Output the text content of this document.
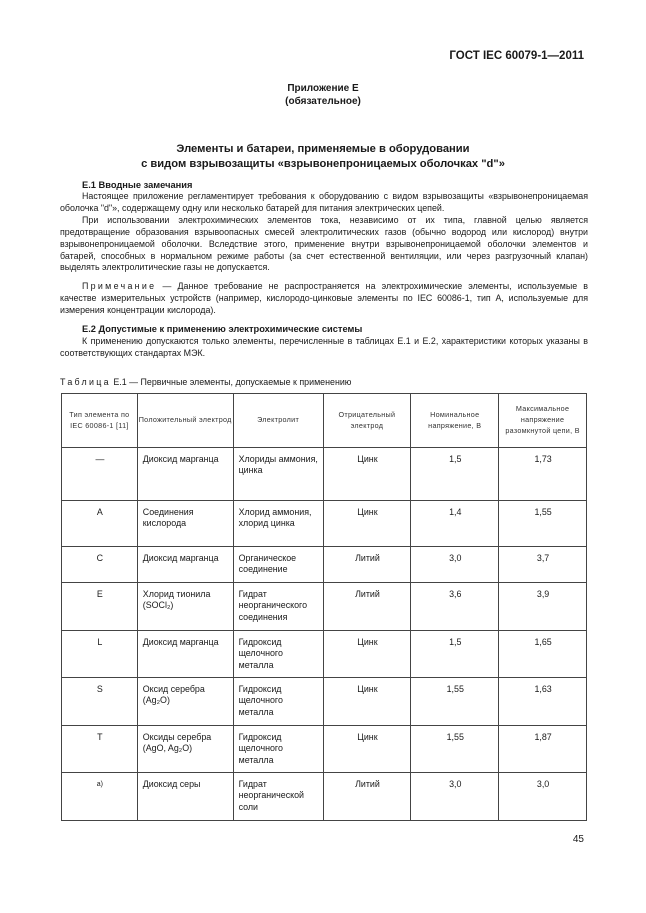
ГОСТ IEC 60079-1—2011
Приложение E
(обязательное)
Элементы и батареи, применяемые в оборудовании
с видом взрывозащиты «взрывонепроницаемых оболочках "d"»
E.1 Вводные замечания

Настоящее приложение регламентирует требования к оборудованию с видом взрывозащиты «взрывонепроницаемая оболочка "d"», содержащему одну или несколько батарей для питания электрических цепей.

При использовании электрохимических элементов тока, независимо от их типа, главной целью является предотвращение образования взрывоопасных смесей электролитических газов (обычно водород или кислород) внутри взрывонепроницаемой оболочки. Вследствие этого, применение внутри взрывонепроницаемой оболочки элементов и батарей, способных в нормальном режиме работы (за счет естественной вентиляции, или через разгрузочный клапан) выделять электролитические газы не допускается.

Примечание — Данное требование не распространяется на электрохимические элементы, используемые в качестве измерительных устройств (например, кислородо-цинковые элементы по IEC 60086-1, тип A, используемые для измерения концентрации кислорода).

E.2 Допустимые к применению электрохимические системы

К применению допускаются только элементы, перечисленные в таблицах E.1 и E.2, характеристики которых указаны в соответствующих стандартах МЭК.

Таблица E.1 — Первичные элементы, допускаемые к применению
Тип элемента по IEC 60086-1 [11]	Положительный электрод	Электролит	Отрицательный электрод	Номинальное напряжение, В	Максимальное напряжение разомкнутой цепи, В

—	Диоксид марганца	Хлориды аммония, цинка	Цинк	1,5	1,73

A	Соединения кислорода	Хлорид аммония, хлорид цинка	Цинк	1,4	1,55

C	Диоксид марганца	Органическое соединение	Литий	3,0	3,7

E	Хлорид тионила (SOCl₂)	Гидрат неорганического соединения	Литий	3,6	3,9

L	Диоксид марганца	Гидроксид щелочного металла	Цинк	1,5	1,65

S	Оксид серебра (Ag₂O)	Гидроксид щелочного металла	Цинк	1,55	1,63

T	Оксиды серебра (AgO, Ag₂O)	Гидроксид щелочного металла	Цинк	1,55	1,87

a)	Диоксид серы	Гидрат неорганической соли	Литий	3,0	3,0
45
